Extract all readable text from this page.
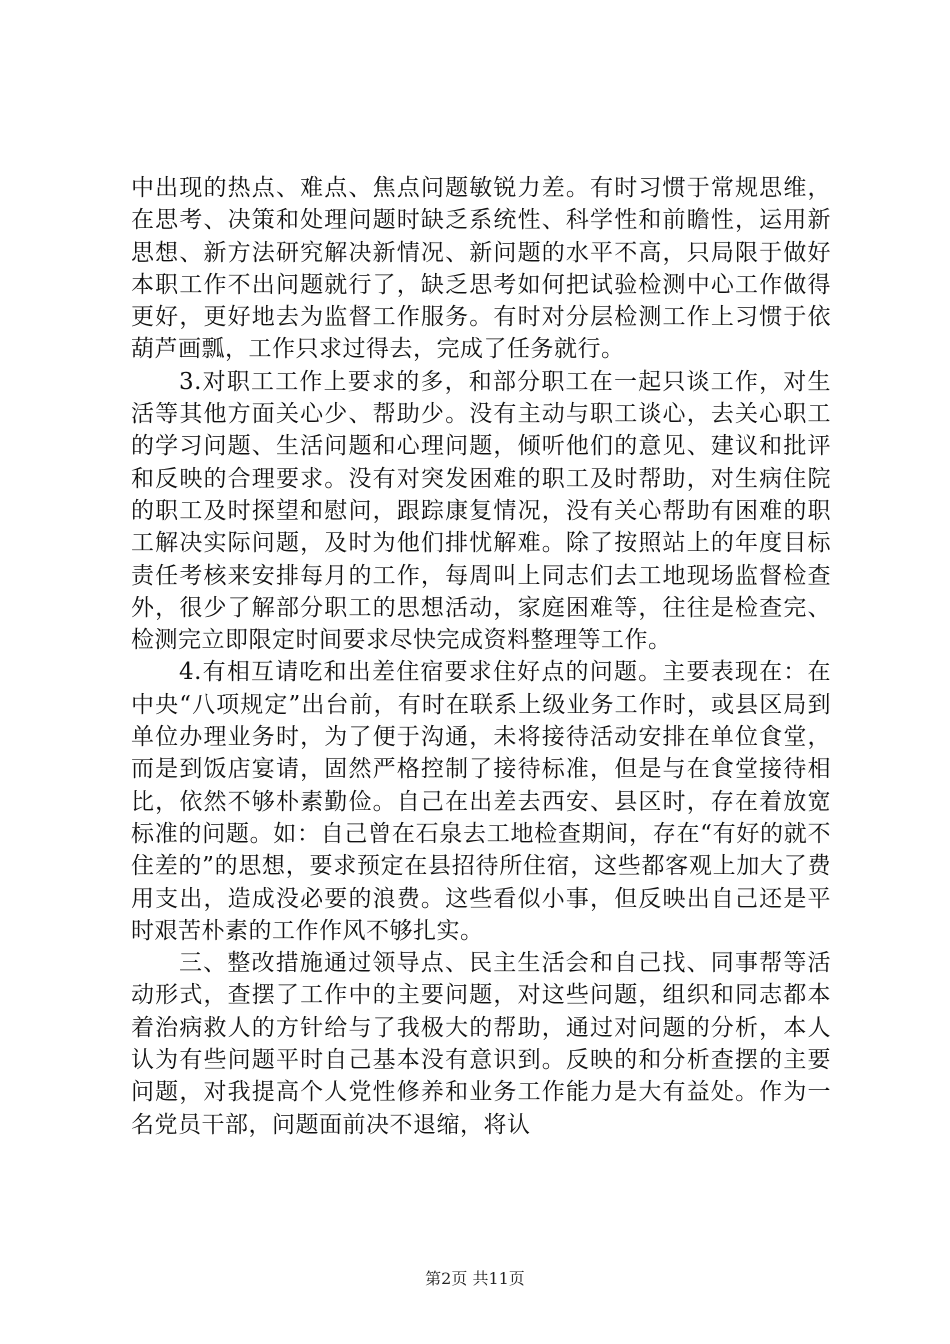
中出现的热点、难点、焦点问题敏锐力差。有时习惯于常规思维，在思考、决策和处理问题时缺乏系统性、科学性和前瞻性，运用新思想、新方法研究解决新情况、新问题的水平不高，只局限于做好本职工作不出问题就行了，缺乏思考如何把试验检测中心工作做得更好，更好地去为监督工作服务。有时对分层检测工作上习惯于依葫芦画瓢，工作只求过得去，完成了任务就行。

3.对职工工作上要求的多，和部分职工在一起只谈工作，对生活等其他方面关心少、帮助少。没有主动与职工谈心，去关心职工的学习问题、生活问题和心理问题，倾听他们的意见、建议和批评和反映的合理要求。没有对突发困难的职工及时帮助，对生病住院的职工及时探望和慰问，跟踪康复情况，没有关心帮助有困难的职工解决实际问题，及时为他们排忧解难。除了按照站上的年度目标责任考核来安排每月的工作，每周叫上同志们去工地现场监督检查外，很少了解部分职工的思想活动，家庭困难等，往往是检查完、检测完立即限定时间要求尽快完成资料整理等工作。

4.有相互请吃和出差住宿要求住好点的问题。主要表现在：在中央“八项规定”出台前，有时在联系上级业务工作时，或县区局到单位办理业务时，为了便于沟通，未将接待活动安排在单位食堂，而是到饭店宴请，固然严格控制了接待标准，但是与在食堂接待相比，依然不够朴素勤俭。自己在出差去西安、县区时，存在着放宽标准的问题。如：自己曾在石泉去工地检查期间，存在“有好的就不住差的”的思想，要求预定在县招待所住宿，这些都客观上加大了费用支出，造成没必要的浪费。这些看似小事，但反映出自己还是平时艰苦朴素的工作作风不够扎实。

三、整改措施通过领导点、民主生活会和自己找、同事帮等活动形式，查摆了工作中的主要问题，对这些问题，组织和同志都本着治病救人的方针给与了我极大的帮助，通过对问题的分析，本人认为有些问题平时自己基本没有意识到。反映的和分析查摆的主要问题，对我提高个人党性修养和业务工作能力是大有益处。作为一名党员干部，问题面前决不退缩，将认

第2页 共11页
